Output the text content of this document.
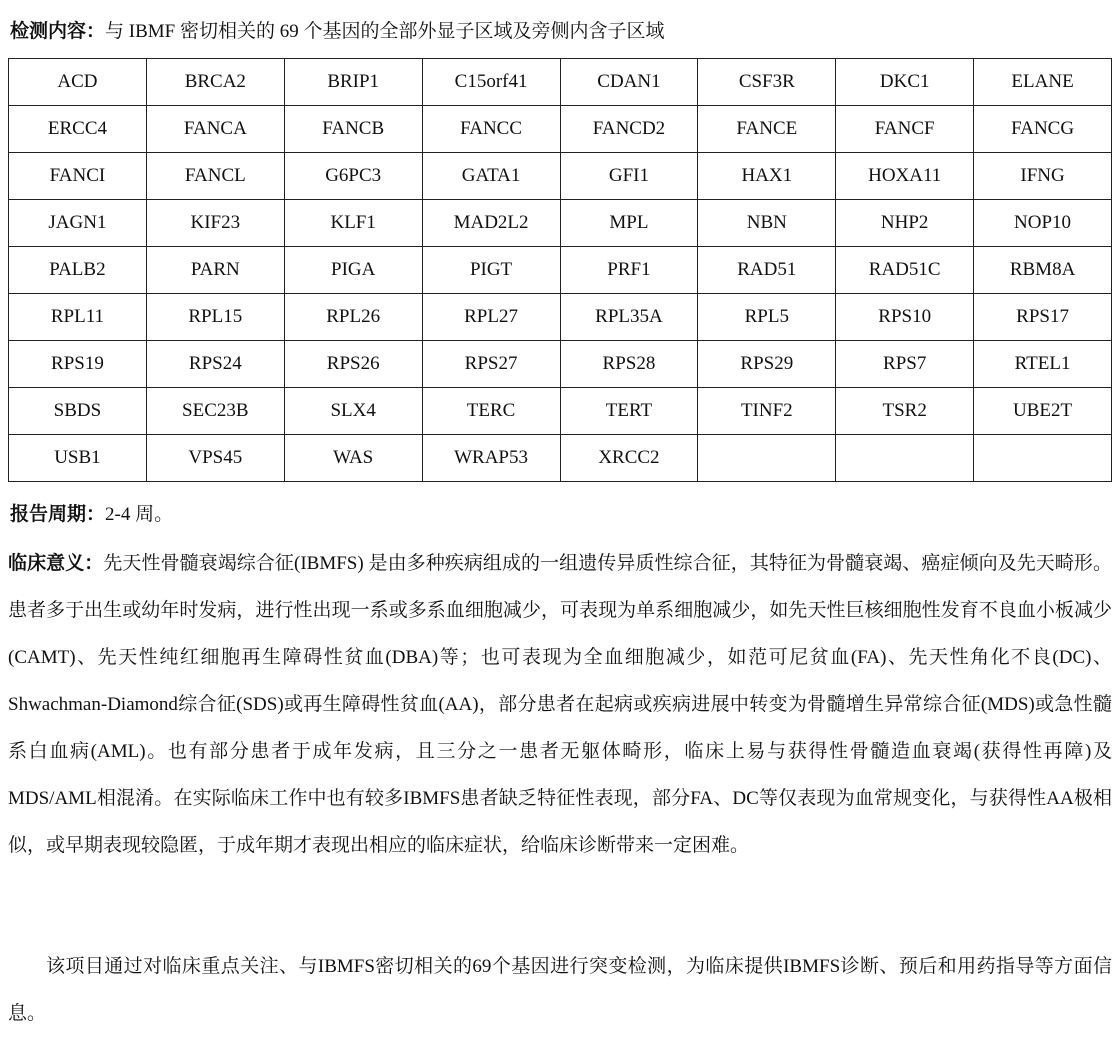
检测内容：与 IBMF 密切相关的 69 个基因的全部外显子区域及旁侧内含子区域
ACD	BRCA2	BRIP1	C15orf41	CDAN1	CSF3R	DKC1	ELANE
ERCC4	FANCA	FANCB	FANCC	FANCD2	FANCE	FANCF	FANCG
FANCI	FANCL	G6PC3	GATA1	GFI1	HAX1	HOXA11	IFNG
JAGN1	KIF23	KLF1	MAD2L2	MPL	NBN	NHP2	NOP10
PALB2	PARN	PIGA	PIGT	PRF1	RAD51	RAD51C	RBM8A
RPL11	RPL15	RPL26	RPL27	RPL35A	RPL5	RPS10	RPS17
RPS19	RPS24	RPS26	RPS27	RPS28	RPS29	RPS7	RTEL1
SBDS	SEC23B	SLX4	TERC	TERT	TINF2	TSR2	UBE2T
USB1	VPS45	WAS	WRAP53	XRCC2			
报告周期：2-4 周。
临床意义：先天性骨髓衰竭综合征(IBMFS) 是由多种疾病组成的一组遗传异质性综合征，其特征为骨髓衰竭、癌症倾向及先天畸形。患者多于出生或幼年时发病，进行性出现一系或多系血细胞减少，可表现为单系细胞减少，如先天性巨核细胞性发育不良血小板减少(CAMT)、先天性纯红细胞再生障碍性贫血(DBA)等；也可表现为全血细胞减少，如范可尼贫血(FA)、先天性角化不良(DC)、Shwachman-Diamond综合征(SDS)或再生障碍性贫血(AA)，部分患者在起病或疾病进展中转变为骨髓增生异常综合征(MDS)或急性髓系白血病(AML)。也有部分患者于成年发病，且三分之一患者无躯体畸形，临床上易与获得性骨髓造血衰竭(获得性再障)及MDS/AML相混淆。在实际临床工作中也有较多IBMFS患者缺乏特征性表现，部分FA、DC等仅表现为血常规变化，与获得性AA极相似，或早期表现较隐匿，于成年期才表现出相应的临床症状，给临床诊断带来一定困难。
该项目通过对临床重点关注、与IBMFS密切相关的69个基因进行突变检测，为临床提供IBMFS诊断、预后和用药指导等方面信息。
